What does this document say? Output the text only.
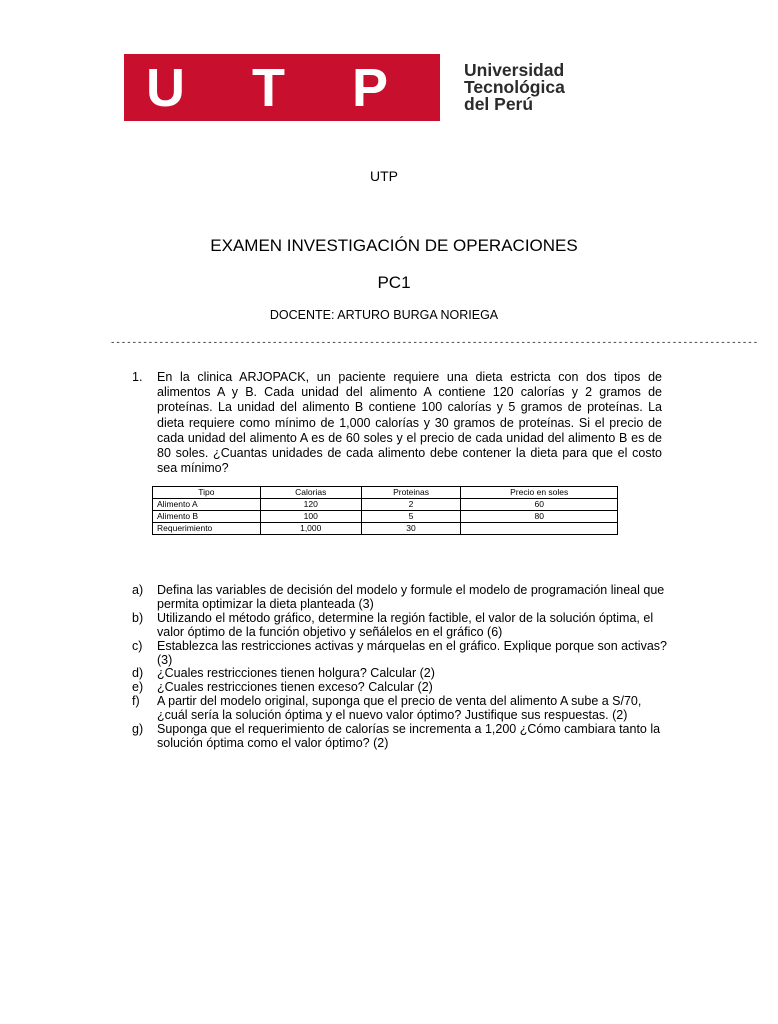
U T P	Universidad
Tecnológica
del Perú
UTP
EXAMEN INVESTIGACIÓN DE OPERACIONES
PC1
DOCENTE: ARTURO BURGA NORIEGA
------------------------------------------------------------------------------------------------------------------------
1. En la clinica ARJOPACK, un paciente requiere una dieta estricta con dos tipos de alimentos A y B. Cada unidad del alimento A contiene 120 calorías y 2 gramos de proteínas. La unidad del alimento B contiene 100 calorías y 5 gramos de proteínas. La dieta requiere como mínimo de 1,000 calorías y 30 gramos de proteínas. Si el precio de cada unidad del alimento A es de 60 soles y el precio de cada unidad del alimento B es de 80 soles. ¿Cuantas unidades de cada alimento debe contener la dieta para que el costo sea mínimo?
Tipo	Calorias	Proteinas	Precio en soles
Alimento A	120	2	60
Alimento B	100	5	80
Requerimiento	1,000	30	
a) Defina las variables de decisión del modelo y formule el modelo de programación lineal que permita optimizar la dieta planteada (3)
b) Utilizando el método gráfico, determine la región factible, el valor de la solución óptima, el valor óptimo de la función objetivo y señálelos en el gráfico (6)
c) Establezca las restricciones activas y márquelas en el gráfico. Explique porque son activas? (3)
d) ¿Cuales restricciones tienen holgura? Calcular (2)
e) ¿Cuales restricciones tienen exceso? Calcular (2)
f) A partir del modelo original, suponga que el precio de venta del alimento A sube a S/70, ¿cuál sería la solución óptima y el nuevo valor óptimo? Justifique sus respuestas. (2)
g) Suponga que el requerimiento de calorías se incrementa a 1,200 ¿Cómo cambiara tanto la solución óptima como el valor óptimo? (2)
